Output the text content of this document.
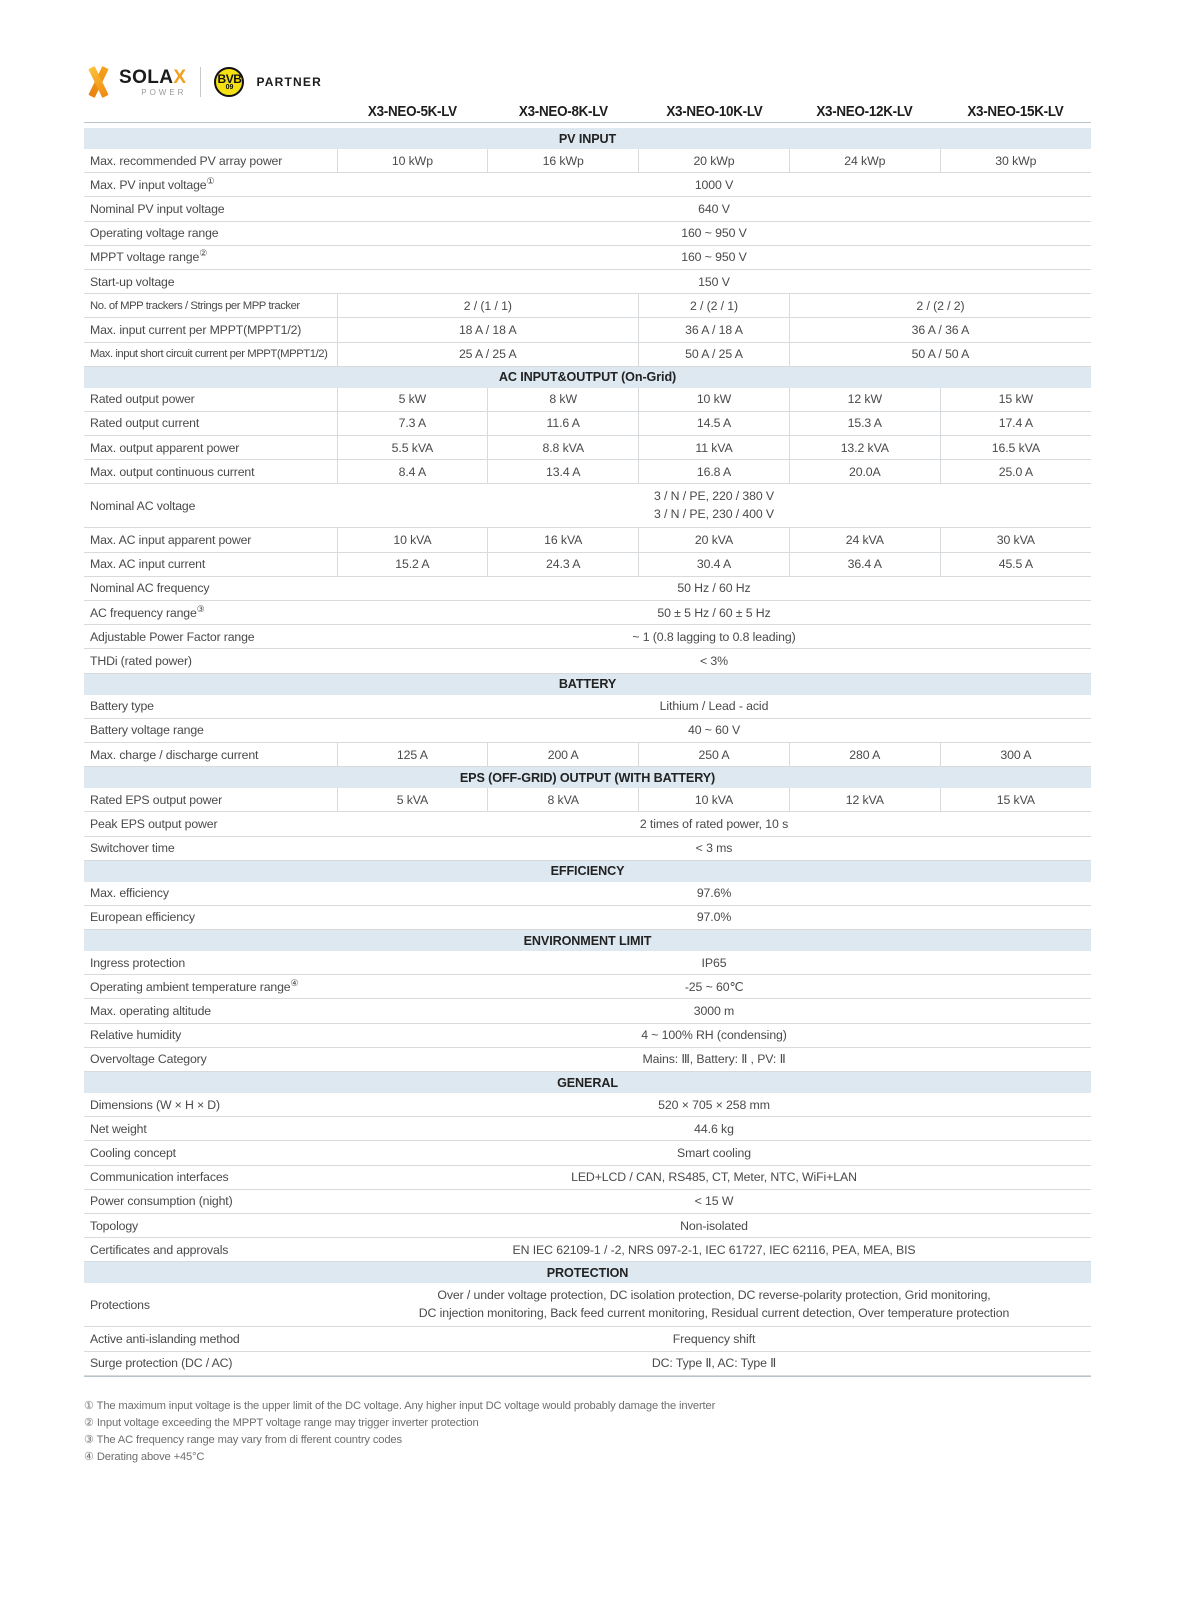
SOLAX
POWER
BVB
09 PARTNER
	X3-NEO-5K-LV	X3-NEO-8K-LV	X3-NEO-10K-LV	X3-NEO-12K-LV	X3-NEO-15K-LV
PV INPUT					
Max. recommended PV array power	10 kWp	16 kWp	20 kWp	24 kWp	30 kWp
Max. PV input voltage①	1000 V				
Nominal PV input voltage	640 V				
Operating voltage range	160 ~ 950 V				
MPPT voltage range②	160 ~ 950 V				
Start-up voltage	150 V				
No. of MPP trackers / Strings per MPP tracker	2 / (1 / 1)		2 / (2 / 1)	2 / (2 / 2)	
Max. input current per MPPT(MPPT1/2)	18 A / 18 A		36 A / 18 A	36 A / 36 A	
Max. input short circuit current per MPPT(MPPT1/2)	25 A / 25 A		50 A / 25 A	50 A / 50 A	
AC INPUT&OUTPUT (On-Grid)					
Rated output power	5 kW	8 kW	10 kW	12 kW	15 kW
Rated output current	7.3 A	11.6 A	14.5 A	15.3 A	17.4 A
Max. output apparent power	5.5 kVA	8.8 kVA	11 kVA	13.2 kVA	16.5 kVA
Max. output continuous current	8.4 A	13.4 A	16.8 A	20.0A	25.0 A
Nominal AC voltage	3 / N / PE, 220 / 380 V
3 / N / PE, 230 / 400 V				
Max. AC input apparent power	10 kVA	16 kVA	20 kVA	24 kVA	30 kVA
Max. AC input current	15.2 A	24.3 A	30.4 A	36.4 A	45.5 A
Nominal AC frequency	50 Hz / 60 Hz				
AC frequency range③	50 ± 5 Hz / 60 ± 5 Hz				
Adjustable Power Factor range	~ 1 (0.8 lagging to 0.8 leading)				
THDi (rated power)	< 3%				
BATTERY					
Battery type	Lithium / Lead - acid				
Battery voltage range	40 ~ 60 V				
Max. charge / discharge current	125 A	200 A	250 A	280 A	300 A
EPS (OFF-GRID) OUTPUT (WITH BATTERY)					
Rated EPS output power	5 kVA	8 kVA	10 kVA	12 kVA	15 kVA
Peak EPS output power	2 times of rated power, 10 s				
Switchover time	< 3 ms				
EFFICIENCY					
Max. efficiency	97.6%				
European efficiency	97.0%				
ENVIRONMENT LIMIT					
Ingress protection	IP65				
Operating ambient temperature range④	-25 ~ 60℃				
Max. operating altitude	3000 m				
Relative humidity	4 ~ 100% RH (condensing)				
Overvoltage Category	Mains: Ⅲ, Battery: Ⅱ , PV: Ⅱ				
GENERAL					
Dimensions (W × H × D)	520 × 705 × 258 mm				
Net weight	44.6 kg				
Cooling concept	Smart cooling				
Communication interfaces	LED+LCD / CAN, RS485, CT, Meter, NTC, WiFi+LAN				
Power consumption (night)	< 15 W				
Topology	Non-isolated				
Certificates and approvals	EN IEC 62109-1 / -2, NRS 097-2-1, IEC 61727, IEC 62116, PEA, MEA, BIS				
PROTECTION					
Protections	Over / under voltage protection, DC isolation protection, DC reverse-polarity protection, Grid monitoring,
DC injection monitoring, Back feed current monitoring, Residual current detection, Over temperature protection				
Active anti-islanding method	Frequency shift				
Surge protection (DC / AC)	DC: Type Ⅱ, AC: Type Ⅱ				
① The maximum input voltage is the upper limit of the DC voltage. Any higher input DC voltage would probably damage the inverter
② Input voltage exceeding the MPPT voltage range may trigger inverter protection
③ The AC frequency range may vary from di fferent country codes
④ Derating above +45°C
